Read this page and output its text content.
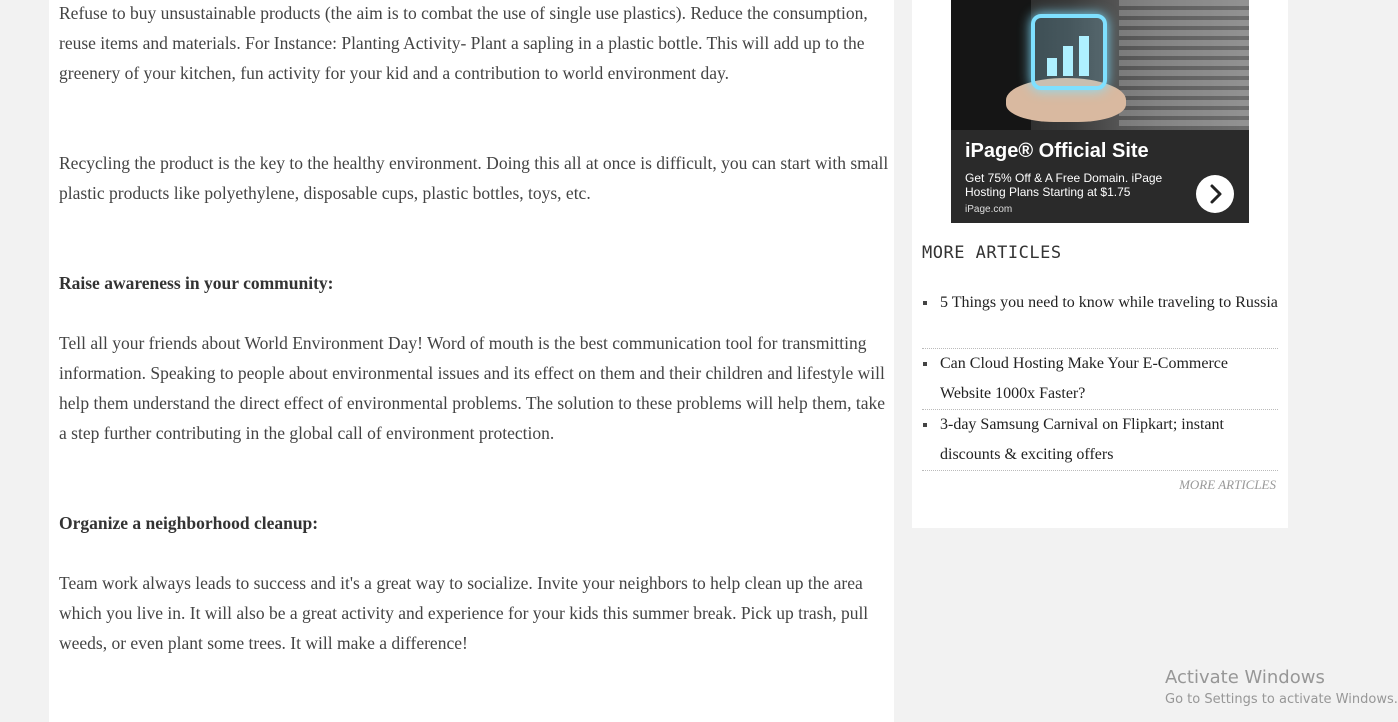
Refuse to buy unsustainable products (the aim is to combat the use of single use plastics). Reduce the consumption, reuse items and materials. For Instance: Planting Activity- Plant a sapling in a plastic bottle. This will add up to the greenery of your kitchen, fun activity for your kid and a contribution to world environment day.

Recycling the product is the key to the healthy environment. Doing this all at once is difficult, you can start with small plastic products like polyethylene, disposable cups, plastic bottles, toys, etc.

Raise awareness in your community:

Tell all your friends about World Environment Day! Word of mouth is the best communication tool for transmitting information. Speaking to people about environmental issues and its effect on them and their children and lifestyle will help them understand the direct effect of environmental problems. The solution to these problems will help them, take a step further contributing in the global call of environment protection.

Organize a neighborhood cleanup:

Team work always leads to success and it's a great way to socialize. Invite your neighbors to help clean up the area which you live in. It will also be a great activity and experience for your kids this summer break. Pick up trash, pull weeds, or even plant some trees. It will make a difference!

iPage® Official Site
Get 75% Off & A Free Domain. iPage Hosting Plans Starting at $1.75
iPage.com
MORE ARTICLES
5 Things you need to know while traveling to Russia
Can Cloud Hosting Make Your E-Commerce Website 1000x Faster?
3-day Samsung Carnival on Flipkart; instant discounts & exciting offers
MORE ARTICLES
Activate Windows
Go to Settings to activate Windows.
